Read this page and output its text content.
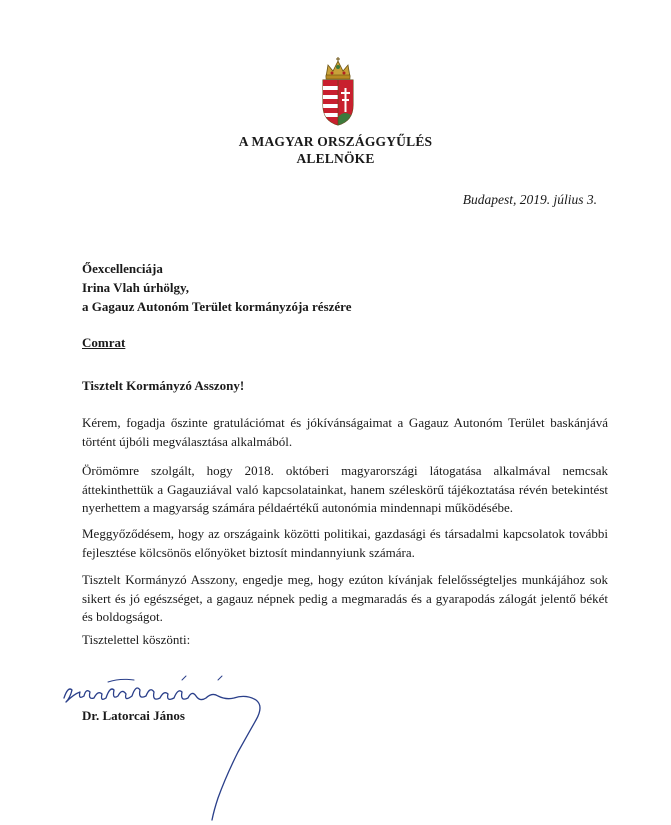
A MAGYAR ORSZÁGGYŰLÉS
ALELNÖKE
Budapest, 2019. július 3.
Őexcellenciája
Irina Vlah úrhölgy,
a Gagauz Autonóm Terület kormányzója részére
Comrat
Tisztelt Kormányzó Asszony!

Kérem, fogadja őszinte gratulációmat és jókívánságaimat a Gagauz Autonóm Terület baskánjává történt újbóli megválasztása alkalmából.

Örömömre szolgált, hogy 2018. októberi magyarországi látogatása alkalmával nemcsak áttekinthettük a Gagauziával való kapcsolatainkat, hanem széleskörű tájékoztatása révén betekintést nyerhettem a magyarság számára példaértékű autonómia mindennapi működésébe.

Meggyőződésem, hogy az országaink közötti politikai, gazdasági és társadalmi kapcsolatok további fejlesztése kölcsönös előnyöket biztosít mindannyiunk számára.

Tisztelt Kormányzó Asszony, engedje meg, hogy ezúton kívánjak felelősségteljes munkájához sok sikert és jó egészséget, a gagauz népnek pedig a megmaradás és a gyarapodás zálogát jelentő békét és boldogságot.

Tisztelettel köszönti:
Dr. Latorcai János
